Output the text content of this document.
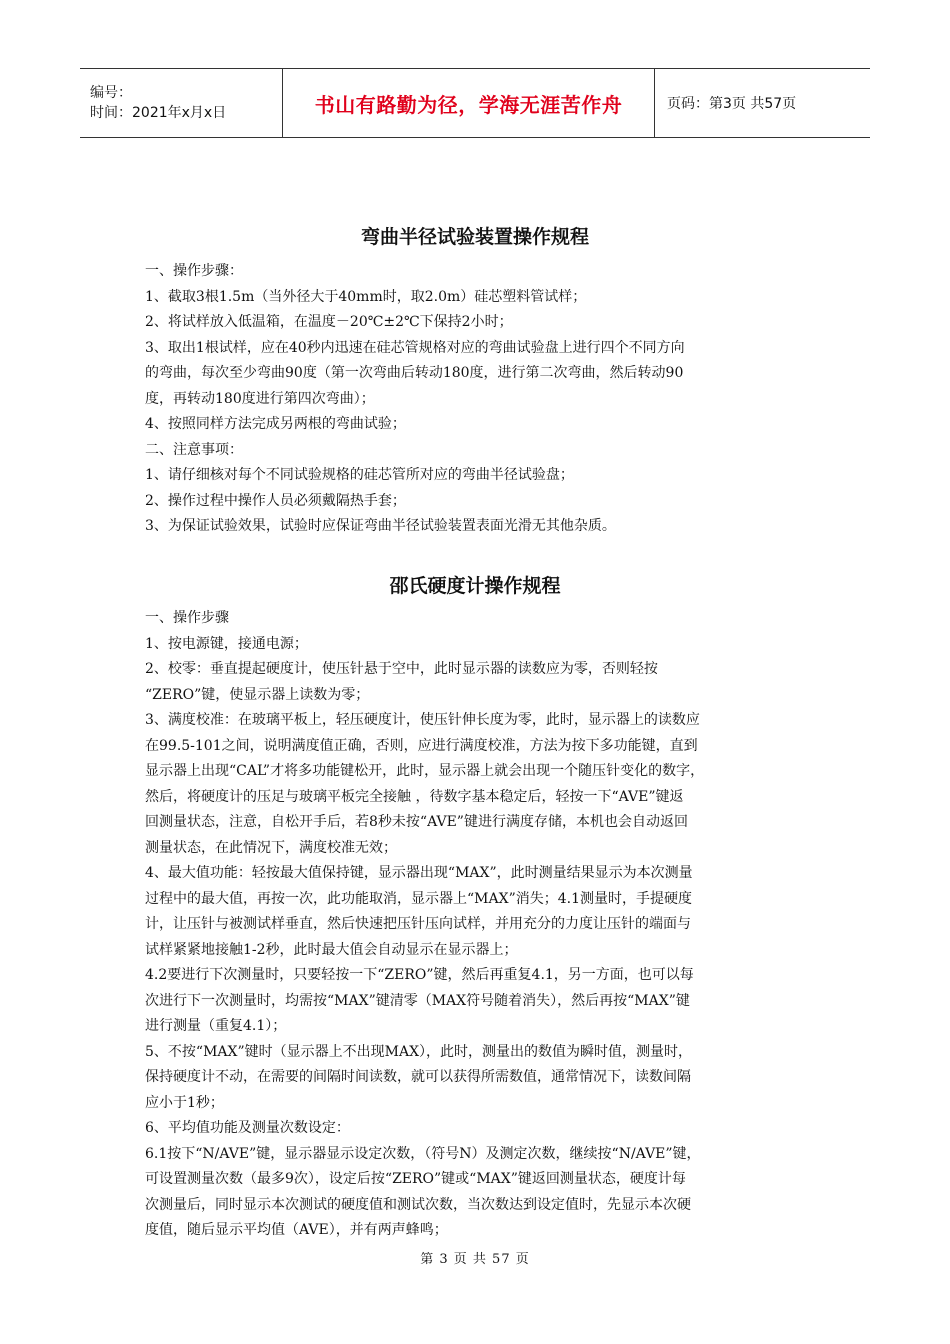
编号：
时间：2021年x月x日	书山有路勤为径，学海无涯苦作舟	页码：第3页 共57页
弯曲半径试验装置操作规程

一、操作步骤：

1、截取3根1.5m（当外径大于40mm时，取2.0m）硅芯塑料管试样；

2、将试样放入低温箱，在温度－20℃±2℃下保持2小时；

3、取出1根试样，应在40秒内迅速在硅芯管规格对应的弯曲试验盘上进行四个不同方向

的弯曲，每次至少弯曲90度（第一次弯曲后转动180度，进行第二次弯曲，然后转动90

度，再转动180度进行第四次弯曲）；

4、按照同样方法完成另两根的弯曲试验；

二、注意事项：

1、请仔细核对每个不同试验规格的硅芯管所对应的弯曲半径试验盘；

2、操作过程中操作人员必须戴隔热手套；

3、为保证试验效果，试验时应保证弯曲半径试验装置表面光滑无其他杂质。

邵氏硬度计操作规程

一、操作步骤

1、按电源键，接通电源；

2、校零：垂直提起硬度计，使压针悬于空中，此时显示器的读数应为零，否则轻按

“ZERO”键，使显示器上读数为零；

3、满度校准：在玻璃平板上，轻压硬度计，使压针伸长度为零，此时，显示器上的读数应

在99.5-101之间，说明满度值正确，否则，应进行满度校准，方法为按下多功能键，直到

显示器上出现“CAL”才将多功能键松开，此时，显示器上就会出现一个随压针变化的数字，

然后，将硬度计的压足与玻璃平板完全接触 ，待数字基本稳定后，轻按一下“AVE”键返

回测量状态，注意，自松开手后，若8秒未按“AVE”键进行满度存储，本机也会自动返回

测量状态，在此情况下，满度校准无效；

4、最大值功能：轻按最大值保持键，显示器出现“MAX”，此时测量结果显示为本次测量

过程中的最大值，再按一次，此功能取消，显示器上“MAX”消失；4.1测量时，手提硬度

计，让压针与被测试样垂直，然后快速把压针压向试样，并用充分的力度让压针的端面与

试样紧紧地接触1-2秒，此时最大值会自动显示在显示器上；

4.2要进行下次测量时，只要轻按一下“ZERO”键，然后再重复4.1，另一方面，也可以每

次进行下一次测量时，均需按“MAX”键清零（MAX符号随着消失），然后再按“MAX”键

进行测量（重复4.1）；

5、不按“MAX”键时（显示器上不出现MAX），此时，测量出的数值为瞬时值，测量时，

保持硬度计不动，在需要的间隔时间读数，就可以获得所需数值，通常情况下，读数间隔

应小于1秒；

6、平均值功能及测量次数设定：

6.1按下“N/AVE”键，显示器显示设定次数，（符号N）及测定次数，继续按“N/AVE”键，

可设置测量次数（最多9次），设定后按“ZERO”键或“MAX”键返回测量状态，硬度计每

次测量后，同时显示本次测试的硬度值和测试次数，当次数达到设定值时，先显示本次硬

度值，随后显示平均值（AVE），并有两声蜂鸣；

第 3 页 共 57 页
